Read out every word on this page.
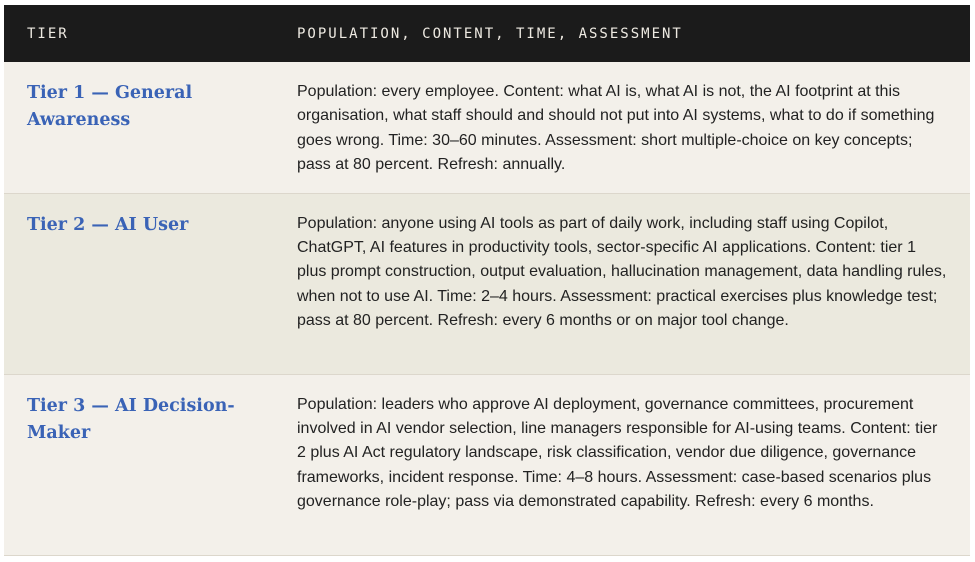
TIER	POPULATION, CONTENT, TIME, ASSESSMENT

Tier 1 — General Awareness	Population: every employee. Content: what AI is, what AI is not, the AI footprint at this organisation, what staff should and should not put into AI systems, what to do if something goes wrong. Time: 30–60 minutes. Assessment: short multiple-choice on key concepts; pass at 80 percent. Refresh: annually.

Tier 2 — AI User	Population: anyone using AI tools as part of daily work, including staff using Copilot, ChatGPT, AI features in productivity tools, sector-specific AI applications. Content: tier 1 plus prompt construction, output evaluation, hallucination management, data handling rules, when not to use AI. Time: 2–4 hours. Assessment: practical exercises plus knowledge test; pass at 80 percent. Refresh: every 6 months or on major tool change.

Tier 3 — AI Decision-Maker	Population: leaders who approve AI deployment, governance committees, procurement involved in AI vendor selection, line managers responsible for AI-using teams. Content: tier 2 plus AI Act regulatory landscape, risk classification, vendor due diligence, governance frameworks, incident response. Time: 4–8 hours. Assessment: case-based scenarios plus governance role-play; pass via demonstrated capability. Refresh: every 6 months.
